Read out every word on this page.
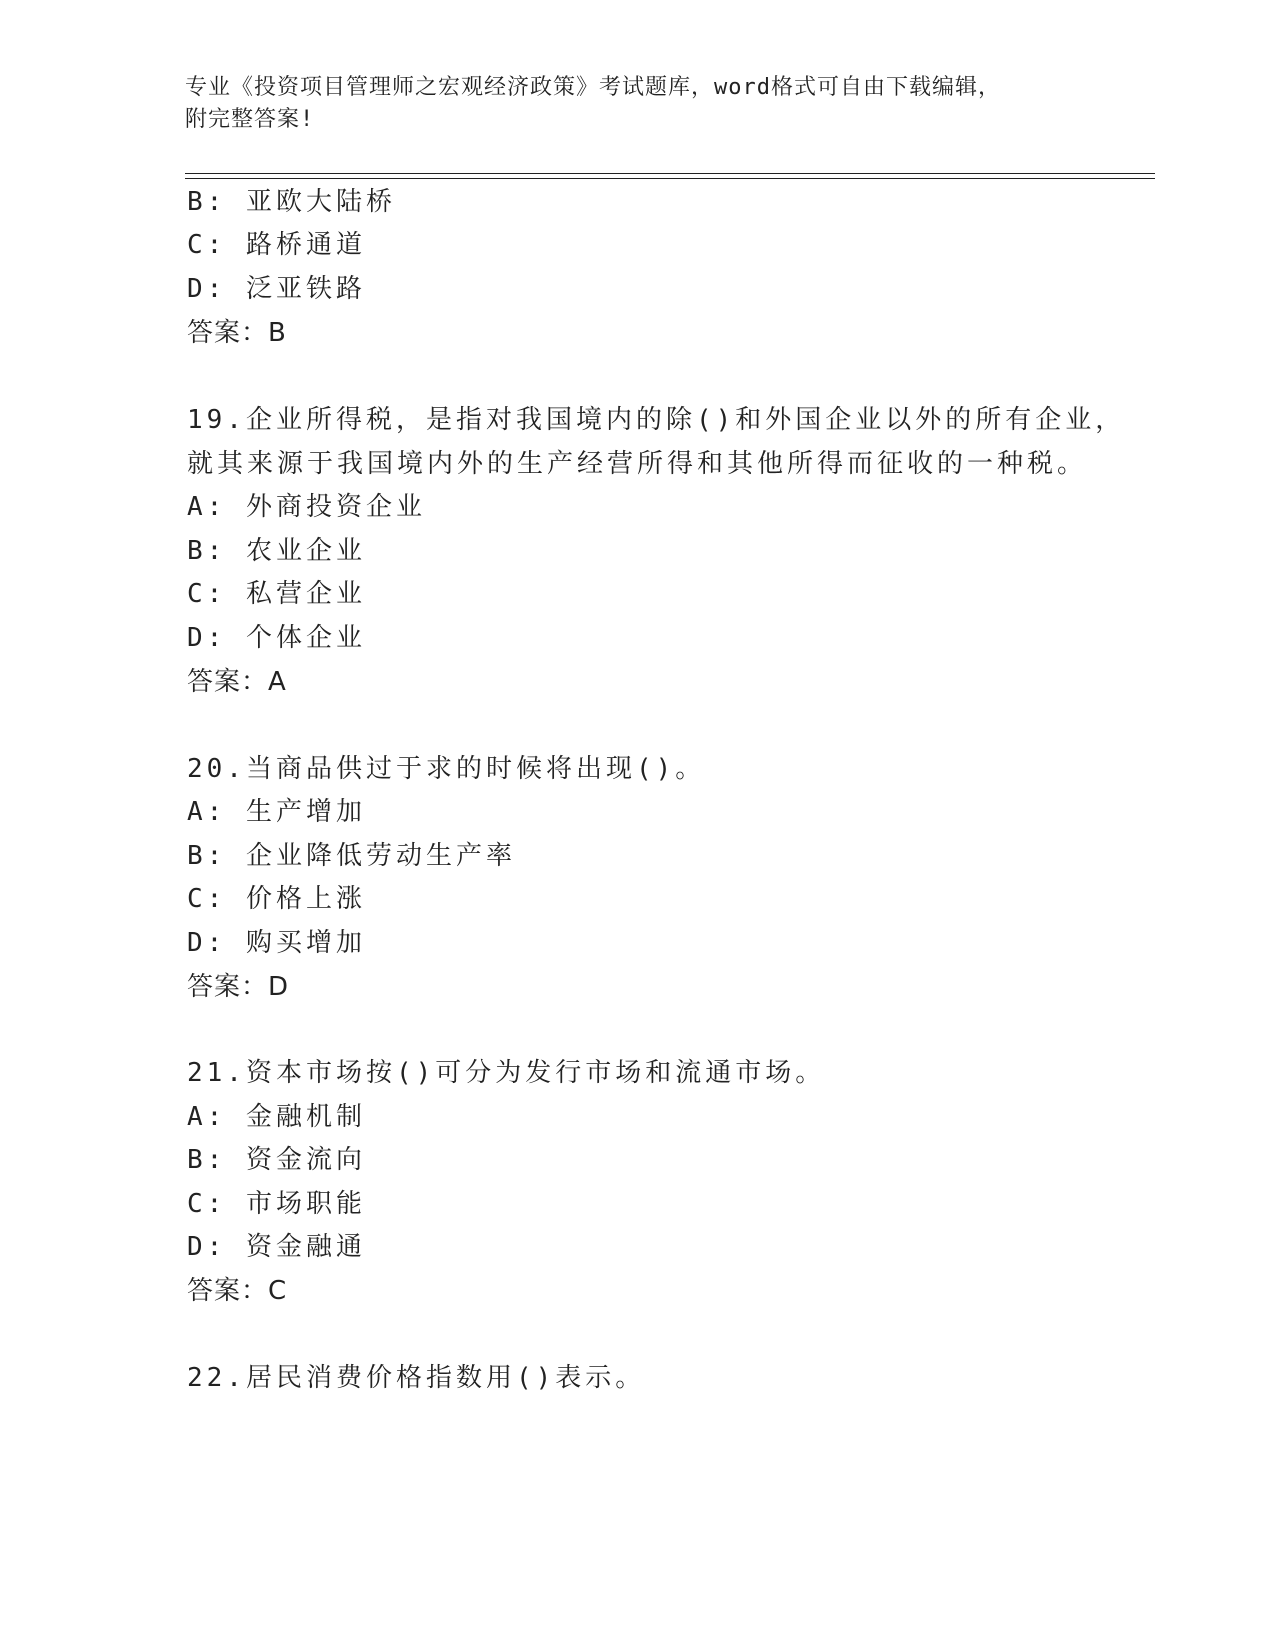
专业《投资项目管理师之宏观经济政策》考试题库，word格式可自由下载编辑，
附完整答案!
B: 亚欧大陆桥
C: 路桥通道
D: 泛亚铁路
答案：B
19.企业所得税，是指对我国境内的除()和外国企业以外的所有企业，
就其来源于我国境内外的生产经营所得和其他所得而征收的一种税。
A: 外商投资企业
B: 农业企业
C: 私营企业
D: 个体企业
答案：A
20.当商品供过于求的时候将出现()。
A: 生产增加
B: 企业降低劳动生产率
C: 价格上涨
D: 购买增加
答案：D
21.资本市场按()可分为发行市场和流通市场。
A: 金融机制
B: 资金流向
C: 市场职能
D: 资金融通
答案：C
22.居民消费价格指数用()表示。
